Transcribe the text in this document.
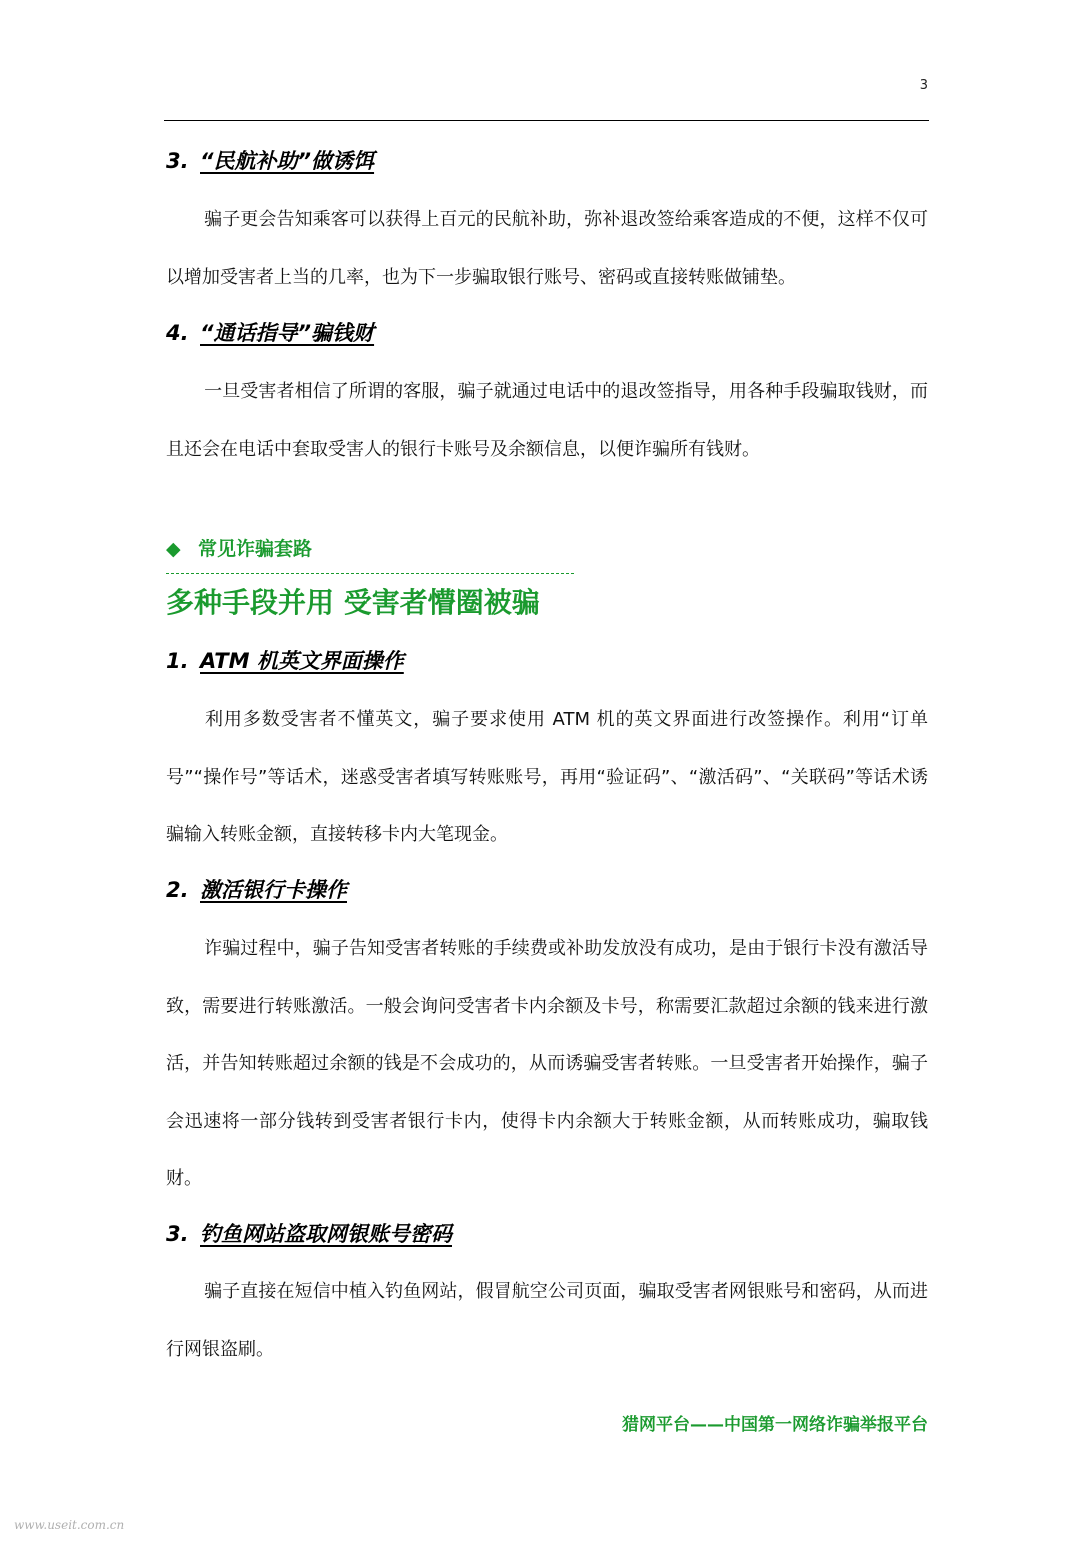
3
3. “民航补助”做诱饵

骗子更会告知乘客可以获得上百元的民航补助，弥补退改签给乘客造成的不便，这样不仅可以增加受害者上当的几率，也为下一步骗取银行账号、密码或直接转账做铺垫。

4. “通话指导”骗钱财

一旦受害者相信了所谓的客服，骗子就通过电话中的退改签指导，用各种手段骗取钱财，而且还会在电话中套取受害人的银行卡账号及余额信息，以便诈骗所有钱财。

◆ 常见诈骗套路
多种手段并用 受害者懵圈被骗
1. ATM 机英文界面操作

利用多数受害者不懂英文，骗子要求使用 ATM 机的英文界面进行改签操作。利用“订单号”“操作号”等话术，迷惑受害者填写转账账号，再用“验证码”、“激活码”、“关联码”等话术诱骗输入转账金额，直接转移卡内大笔现金。

2. 激活银行卡操作

诈骗过程中，骗子告知受害者转账的手续费或补助发放没有成功，是由于银行卡没有激活导致，需要进行转账激活。一般会询问受害者卡内余额及卡号，称需要汇款超过余额的钱来进行激活，并告知转账超过余额的钱是不会成功的，从而诱骗受害者转账。一旦受害者开始操作，骗子会迅速将一部分钱转到受害者银行卡内，使得卡内余额大于转账金额，从而转账成功，骗取钱财。

3. 钓鱼网站盗取网银账号密码

骗子直接在短信中植入钓鱼网站，假冒航空公司页面，骗取受害者网银账号和密码，从而进行网银盗刷。

猎网平台——中国第一网络诈骗举报平台
www.useit.com.cn
